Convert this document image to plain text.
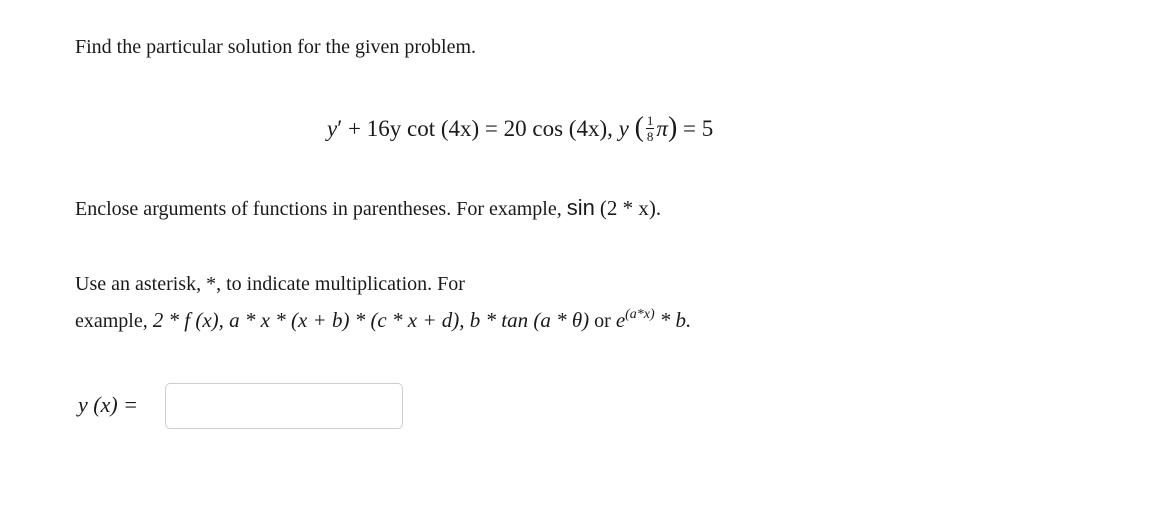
Find the particular solution for the given problem.
y′ + 16y cot (4x) = 20 cos (4x), y ( $\frac{1}{8} \pi) = 5$
Enclose arguments of functions in parentheses. For example, sin (2 * x).
Use an asterisk, *, to indicate multiplication. For
example, 2 * f (x), a * x * (x + b) * (c * x + d), b * tan (a * θ) or $e^{(a*x)}$ * b.
y (x) =
